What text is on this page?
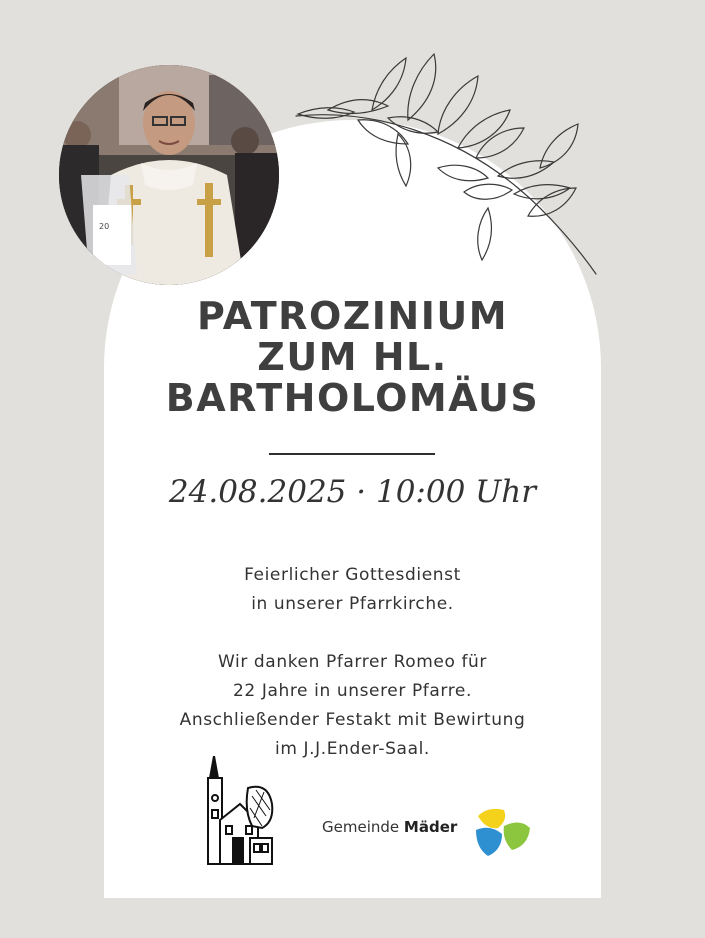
20
PATROZINIUM
ZUM HL.
BARTHOLOMÄUS
24.08.2025 · 10:00 Uhr
Feierlicher Gottesdienst
in unserer Pfarrkirche.
Wir danken Pfarrer Romeo für
22 Jahre in unserer Pfarre.
Anschließender Festakt mit Bewirtung
im J.J.Ender-Saal.
Gemeinde Mäder
